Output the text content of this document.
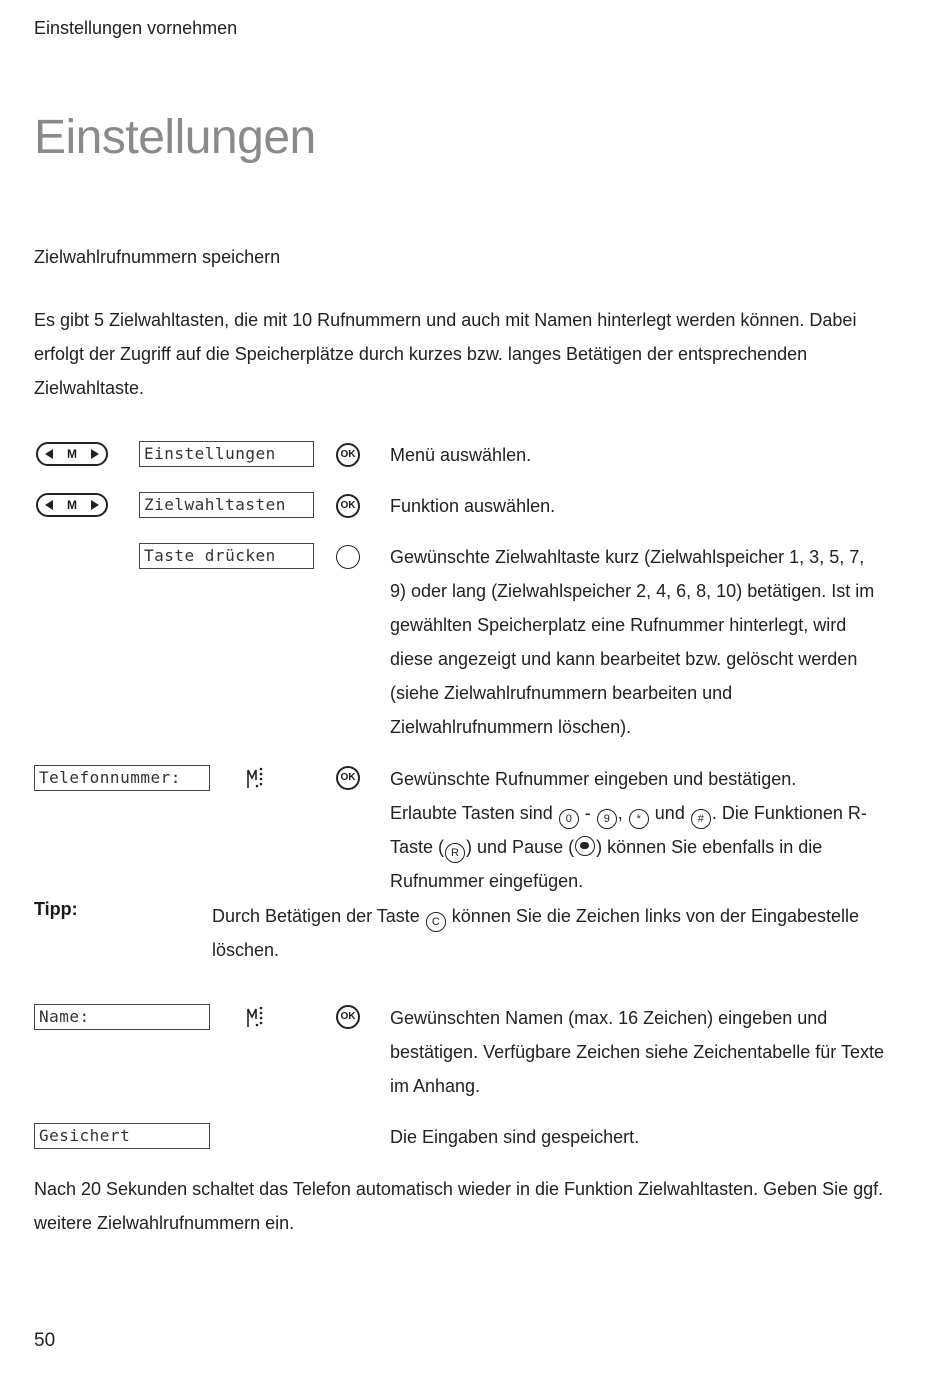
Einstellungen vornehmen
Einstellungen
Zielwahlrufnummern speichern
Es gibt 5 Zielwahltasten, die mit 10 Rufnummern und auch mit Namen hinterlegt werden können. Dabei erfolgt der Zugriff auf die Speicherplätze durch kurzes bzw. langes Betätigen der entsprechenden Zielwahltaste.
M	Einstellungen	OK Menü auswählen.
M	Zielwahltasten	OK Funktion auswählen.
Taste drücken	Gewünschte Zielwahltaste kurz (Zielwahlspeicher 1, 3, 5, 7, 9) oder lang (Zielwahlspeicher 2, 4, 6, 8, 10) betätigen. Ist im gewählten Speicherplatz eine Rufnummer hinterlegt, wird diese angezeigt und kann bearbeitet bzw. gelöscht werden (siehe Zielwahlrufnummern bearbeiten und Zielwahlrufnummern löschen).
Telefonnummer:	OK Gewünschte Rufnummer eingeben und bestätigen.
Erlaubte Tasten sind 0 - 9 , * und # . Die Funktionen R-Taste ( R ) und Pause ( ) können Sie ebenfalls in die Rufnummer eingefügen.
Tipp:	Durch Betätigen der Taste C können Sie die Zeichen links von der Eingabestelle löschen.
Name:	OK Gewünschten Namen (max. 16 Zeichen) eingeben und bestätigen. Verfügbare Zeichen siehe Zeichentabelle für Texte im Anhang.
Gesichert	Die Eingaben sind gespeichert.
Nach 20 Sekunden schaltet das Telefon automatisch wieder in die Funktion Zielwahltasten. Geben Sie ggf. weitere Zielwahlrufnummern ein.
50
